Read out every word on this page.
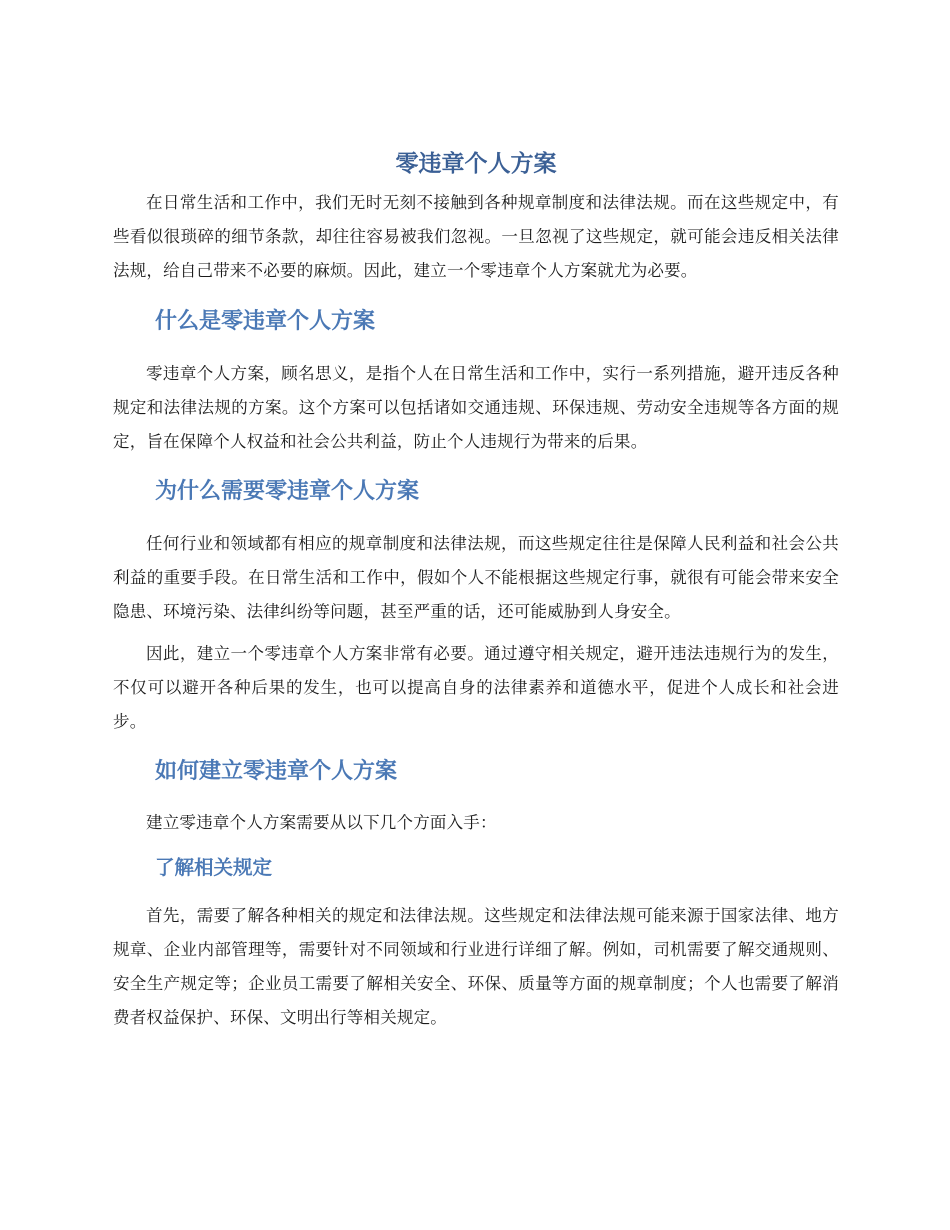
零违章个人方案

在日常生活和工作中，我们无时无刻不接触到各种规章制度和法律法规。而在这些规定中，有些看似很琐碎的细节条款，却往往容易被我们忽视。一旦忽视了这些规定，就可能会违反相关法律法规，给自己带来不必要的麻烦。因此，建立一个零违章个人方案就尤为必要。

什么是零违章个人方案

零违章个人方案，顾名思义，是指个人在日常生活和工作中，实行一系列措施，避开违反各种规定和法律法规的方案。这个方案可以包括诸如交通违规、环保违规、劳动安全违规等各方面的规定，旨在保障个人权益和社会公共利益，防止个人违规行为带来的后果。

为什么需要零违章个人方案

任何行业和领域都有相应的规章制度和法律法规，而这些规定往往是保障人民利益和社会公共利益的重要手段。在日常生活和工作中，假如个人不能根据这些规定行事，就很有可能会带来安全隐患、环境污染、法律纠纷等问题，甚至严重的话，还可能威胁到人身安全。

因此，建立一个零违章个人方案非常有必要。通过遵守相关规定，避开违法违规行为的发生，不仅可以避开各种后果的发生，也可以提高自身的法律素养和道德水平，促进个人成长和社会进步。

如何建立零违章个人方案

建立零违章个人方案需要从以下几个方面入手：

了解相关规定

首先，需要了解各种相关的规定和法律法规。这些规定和法律法规可能来源于国家法律、地方规章、企业内部管理等，需要针对不同领域和行业进行详细了解。例如，司机需要了解交通规则、安全生产规定等；企业员工需要了解相关安全、环保、质量等方面的规章制度；个人也需要了解消费者权益保护、环保、文明出行等相关规定。
